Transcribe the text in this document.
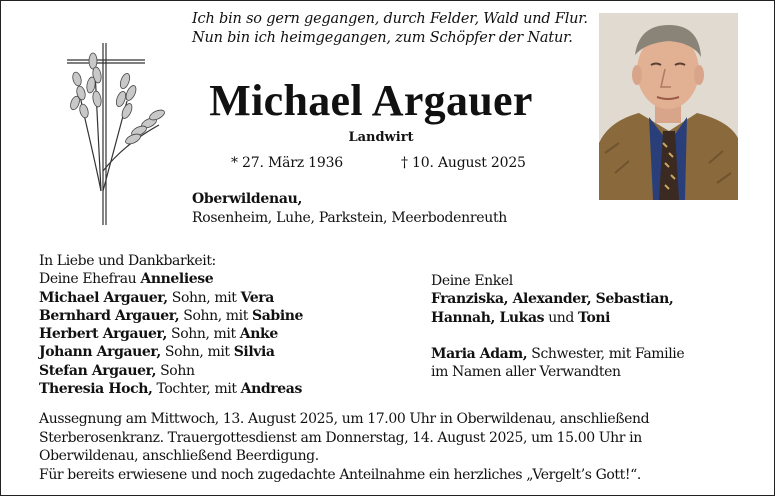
Ich bin so gern gegangen, durch Felder, Wald und Flur.
Nun bin ich heimgegangen, zum Schöpfer der Natur.
Michael Argauer
Landwirt
* 27. März 1936	† 10. August 2025
Oberwildenau,
Rosenheim, Luhe, Parkstein, Meerbodenreuth
In Liebe und Dankbarkeit:
Deine Ehefrau Anneliese
Michael Argauer, Sohn, mit Vera
Bernhard Argauer, Sohn, mit Sabine
Herbert Argauer, Sohn, mit Anke
Johann Argauer, Sohn, mit Silvia
Stefan Argauer, Sohn
Theresia Hoch, Tochter, mit Andreas
Deine Enkel
Franziska, Alexander, Sebastian,
Hannah, Lukas und Toni
Maria Adam, Schwester, mit Familie
im Namen aller Verwandten
Aussegnung am Mittwoch, 13. August 2025, um 17.00 Uhr in Oberwildenau, anschließend
Sterberosenkranz. Trauergottesdienst am Donnerstag, 14. August 2025, um 15.00 Uhr in
Oberwildenau, anschließend Beerdigung.
Für bereits erwiesene und noch zugedachte Anteilnahme ein herzliches „Vergelt’s Gott!“.
